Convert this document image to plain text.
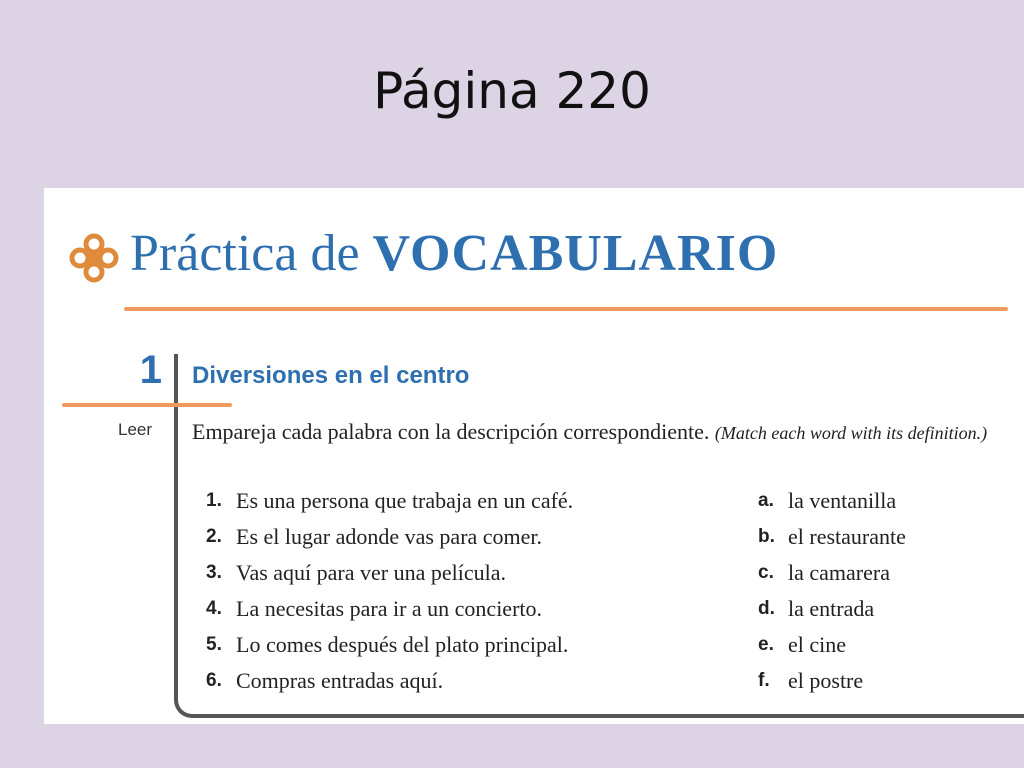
Página 220
Práctica de VOCABULARIO
1 Diversiones en el centro
Leer Empareja cada palabra con la descripción correspondiente. (Match each word with its definition.)
1. Es una persona que trabaja en un café.	a. la ventanilla
2. Es el lugar adonde vas para comer.	b. el restaurante
3. Vas aquí para ver una película.	c. la camarera
4. La necesitas para ir a un concierto.	d. la entrada
5. Lo comes después del plato principal.	e. el cine
6. Compras entradas aquí.	f. el postre
